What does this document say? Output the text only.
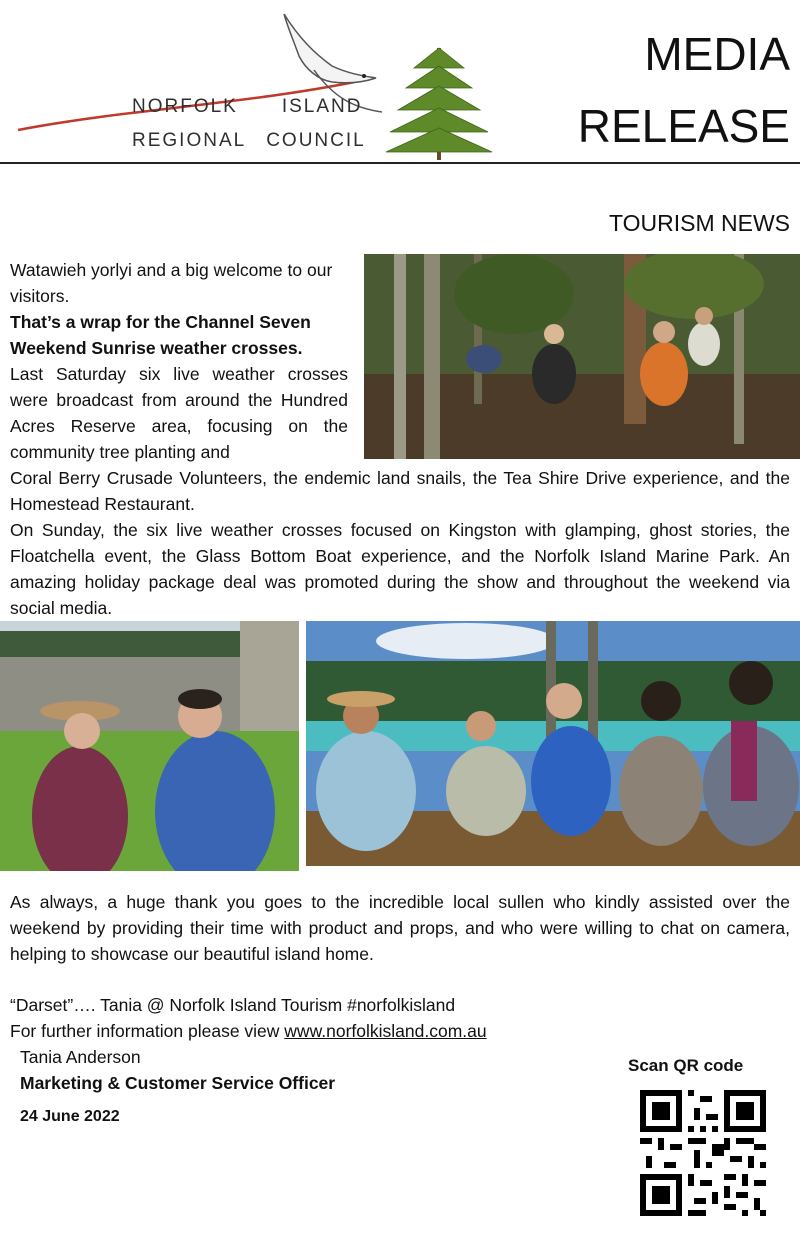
NORFOLK ISLAND
REGIONAL COUNCIL
MEDIA
RELEASE
TOURISM NEWS
Watawieh yorlyi and a big welcome to our visitors.
That’s a wrap for the Channel Seven Weekend Sunrise weather crosses.
Last Saturday six live weather crosses were broadcast from around the Hundred Acres Reserve area, focusing on the community tree planting and
Coral Berry Crusade Volunteers, the endemic land snails, the Tea Shire Drive experience, and the Homestead Restaurant.
On Sunday, the six live weather crosses focused on Kingston with glamping, ghost stories, the Floatchella event, the Glass Bottom Boat experience, and the Norfolk Island Marine Park. An amazing holiday package deal was promoted during the show and throughout the weekend via social media.
As always, a huge thank you goes to the incredible local sullen who kindly assisted over the weekend by providing their time with product and props, and who were willing to chat on camera, helping to showcase our beautiful island home.
“Darset”…. Tania @ Norfolk Island Tourism #norfolkisland
For further information please view www.norfolkisland.com.au
Tania Anderson
Marketing & Customer Service Officer
24 June 2022
Scan QR code
